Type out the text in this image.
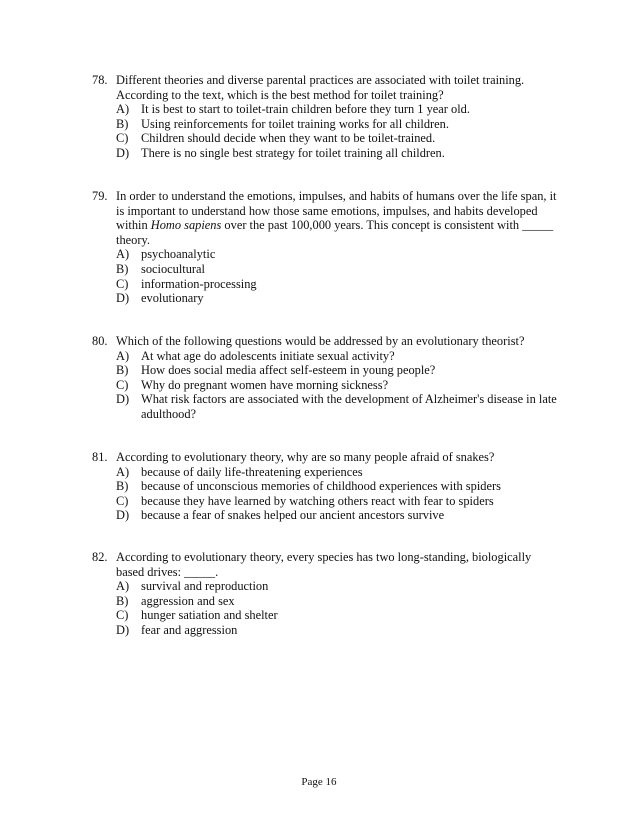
78. Different theories and diverse parental practices are associated with toilet training. According to the text, which is the best method for toilet training?
A) It is best to start to toilet-train children before they turn 1 year old.
B)	Using reinforcements for toilet training works for all children.
C)	Children should decide when they want to be toilet-trained.
D) There is no single best strategy for toilet training all children.
79. In order to understand the emotions, impulses, and habits of humans over the life span, it is important to understand how those same emotions, impulses, and habits developed within Homo sapiens over the past 100,000 years. This concept is consistent with _____ theory.
A) psychoanalytic
B)	sociocultural
C)	information-processing
D) evolutionary
80. Which of the following questions would be addressed by an evolutionary theorist?
A) At what age do adolescents initiate sexual activity?
B)	How does social media affect self-esteem in young people?
C)	Why do pregnant women have morning sickness?
D) What risk factors are associated with the development of Alzheimer's disease in late adulthood?
81. According to evolutionary theory, why are so many people afraid of snakes?
A) because of daily life-threatening experiences
B)	because of unconscious memories of childhood experiences with spiders
C)	because they have learned by watching others react with fear to spiders
D) because a fear of snakes helped our ancient ancestors survive
82. According to evolutionary theory, every species has two long-standing, biologically based drives: _____.
A) survival and reproduction
B)	aggression and sex
C)	hunger satiation and shelter
D) fear and aggression
Page 16
